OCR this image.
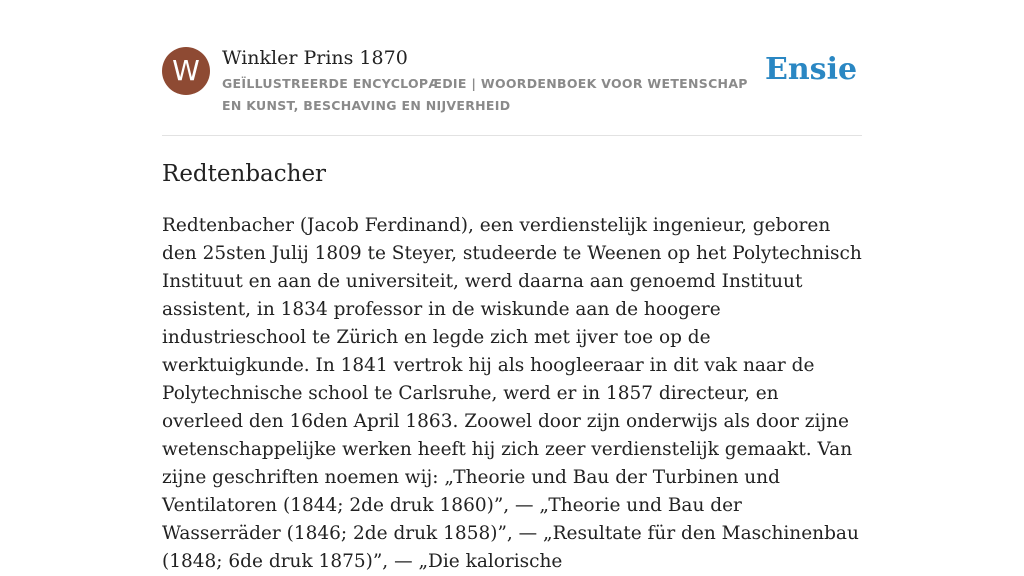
W	Winkler Prins 1870
GEÏLLUSTREERDE ENCYCLOPÆDIE | WOORDENBOEK VOOR WETENSCHAP EN KUNST, BESCHAVING EN NIJVERHEID
Ensie
Redtenbacher

Redtenbacher (Jacob Ferdinand), een verdienstelijk ingenieur, geboren den 25sten Julij 1809 te Steyer, studeerde te Weenen op het Polytechnisch Instituut en aan de universiteit, werd daarna aan genoemd Instituut assistent, in 1834 professor in de wiskunde aan de hoogere industrieschool te Zürich en legde zich met ijver toe op de werktuigkunde. In 1841 vertrok hij als hoogleeraar in dit vak naar de Polytechnische school te Carlsruhe, werd er in 1857 directeur, en overleed den 16den April 1863. Zoowel door zijn onderwijs als door zijne wetenschappelijke werken heeft hij zich zeer verdienstelijk gemaakt. Van zijne geschriften noemen wij: „Theorie und Bau der Turbinen und Ventilatoren (1844; 2de druk 1860)”, — „Theorie und Bau der Wasserräder (1846; 2de druk 1858)”, — „Resultate für den Maschinenbau (1848; 6de druk 1875)”, — „Die kalorische
